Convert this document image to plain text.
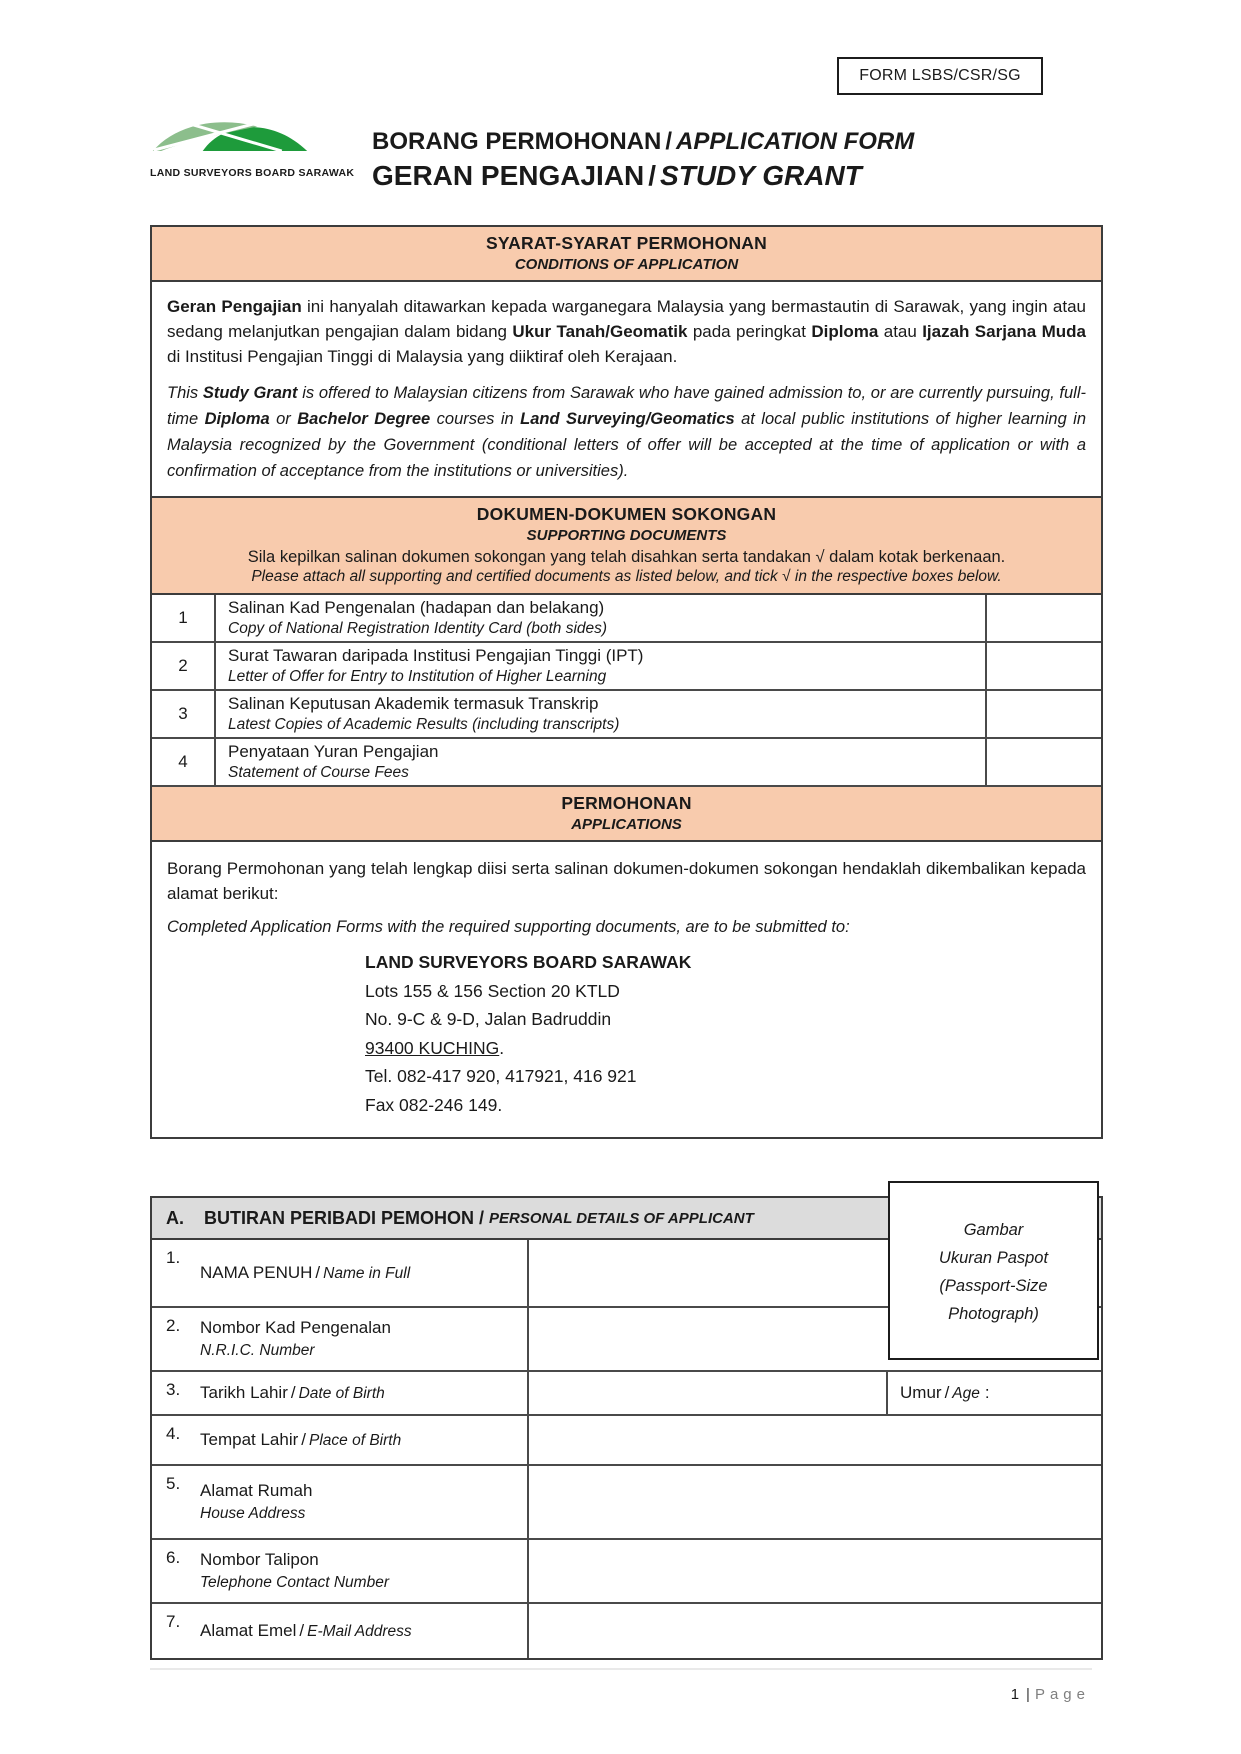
FORM LSBS/CSR/SG
LAND SURVEYORS BOARD SARAWAK
BORANG PERMOHONAN / APPLICATION FORM
GERAN PENGAJIAN / STUDY GRANT
SYARAT-SYARAT PERMOHONAN
CONDITIONS OF APPLICATION

Geran Pengajian ini hanyalah ditawarkan kepada warganegara Malaysia yang bermastautin di Sarawak, yang ingin atau sedang melanjutkan pengajian dalam bidang Ukur Tanah/Geomatik pada peringkat Diploma atau Ijazah Sarjana Muda di Institusi Pengajian Tinggi di Malaysia yang diiktiraf oleh Kerajaan.

This Study Grant is offered to Malaysian citizens from Sarawak who have gained admission to, or are currently pursuing, full-time Diploma or Bachelor Degree courses in Land Surveying/Geomatics at local public institutions of higher learning in Malaysia recognized by the Government (conditional letters of offer will be accepted at the time of application or with a confirmation of acceptance from the institutions or universities).

DOKUMEN-DOKUMEN SOKONGAN
SUPPORTING DOCUMENTS
Sila kepilkan salinan dokumen sokongan yang telah disahkan serta tandakan √ dalam kotak berkenaan.
Please attach all supporting and certified documents as listed below, and tick √ in the respective boxes below.
1
Salinan Kad Pengenalan (hadapan dan belakang)
Copy of National Registration Identity Card (both sides)
2
Surat Tawaran daripada Institusi Pengajian Tinggi (IPT)
Letter of Offer for Entry to Institution of Higher Learning
3
Salinan Keputusan Akademik termasuk Transkrip
Latest Copies of Academic Results (including transcripts)
4
Penyataan Yuran Pengajian
Statement of Course Fees
PERMOHONAN
APPLICATIONS

Borang Permohonan yang telah lengkap diisi serta salinan dokumen-dokumen sokongan hendaklah dikembalikan kepada alamat berikut:

Completed Application Forms with the required supporting documents, are to be submitted to:

LAND SURVEYORS BOARD SARAWAK
Lots 155 & 156 Section 20 KTLD
No. 9-C & 9-D, Jalan Badruddin
93400 KUCHING.
Tel. 082-417 920, 417921, 416 921
Fax 082-246 149.
Gambar
Ukuran Paspot
(Passport-Size
Photograph)
A.	BUTIRAN PERIBADI PEMOHON / PERSONAL DETAILS OF APPLICANT
1.
NAMA PENUH / Name in Full
2.	Nombor Kad Pengenalan
N.R.I.C. Number
3.	Tarikh Lahir / Date of Birth	Umur / Age :
4.	Tempat Lahir / Place of Birth
5.	Alamat Rumah
House Address
6.	Nombor Talipon
Telephone Contact Number
7.	Alamat Emel / E-Mail Address
1 | Page
